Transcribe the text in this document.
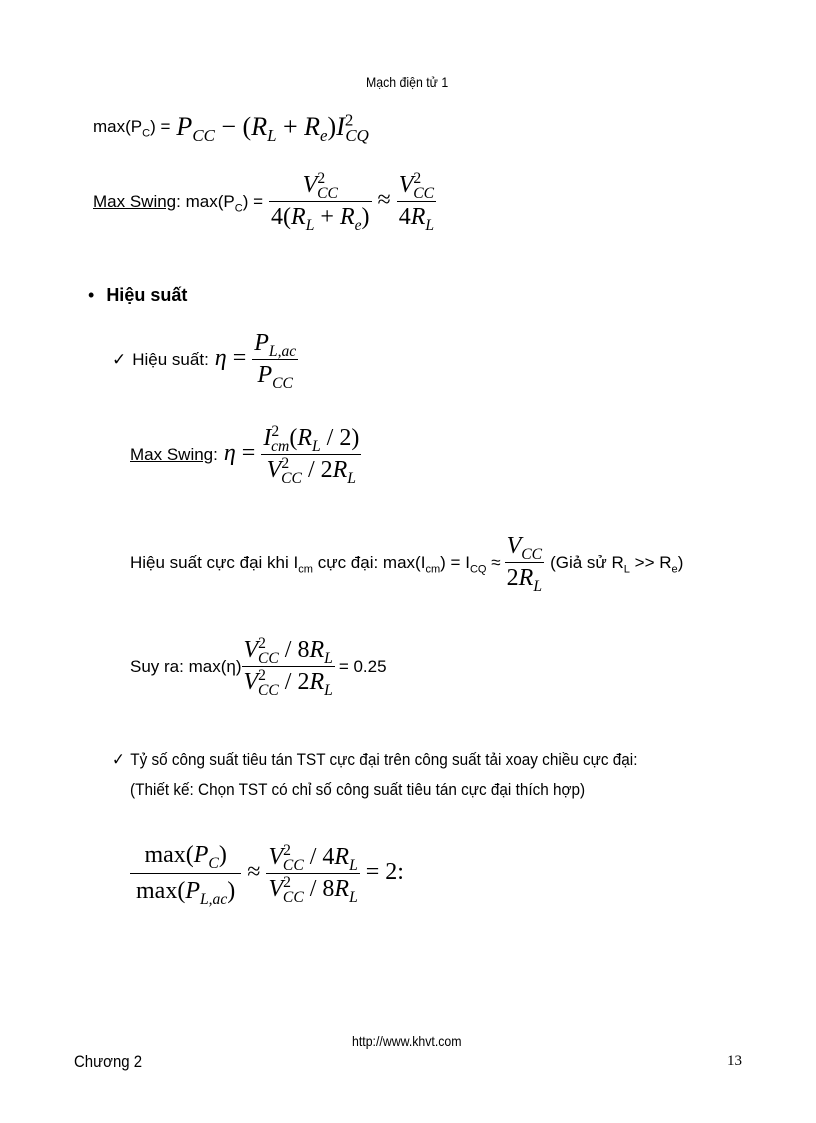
Mạch điện tử 1
$\max(P_C) = P_{CC} - (R_L + R_e)I^2_{CQ}$
Max Swing: $\max(P_C) = \frac{V^2_{CC}}{4(R_L + R_e)} \approx \frac{V^2_{CC}}{4R_L}$
• Hiệu suất
✓ Hiệu suất: $\eta = \frac{P_{L,ac}}{P_{CC}}$
Max Swing: $\eta = \frac{I^2_{cm}(R_L / 2)}{V^2_{CC} / 2R_L}$
Hiệu suất cực đại khi $I_{cm}$ cực đại: $\max(I_{cm}) = I_{CQ} \approx \frac{V_{CC}}{2R_L}$ (Giả sử $R_L >> R_e$)
Suy ra: $\max(\eta) \frac{V^2_{CC} / 8R_L}{V^2_{CC} / 2R_L} = 0.25$
✓ Tỷ số công suất tiêu tán TST cực đại trên công suất tải xoay chiều cực đại:
(Thiết kế: Chọn TST có chỉ số công suất tiêu tán cực đại thích hợp)
$\frac{\max(P_C)}{\max(P_{L,ac})} \approx \frac{V^2_{CC} / 4R_L}{V^2_{CC} / 8R_L} = 2$:
Chương 2
http://www.khvt.com
13
